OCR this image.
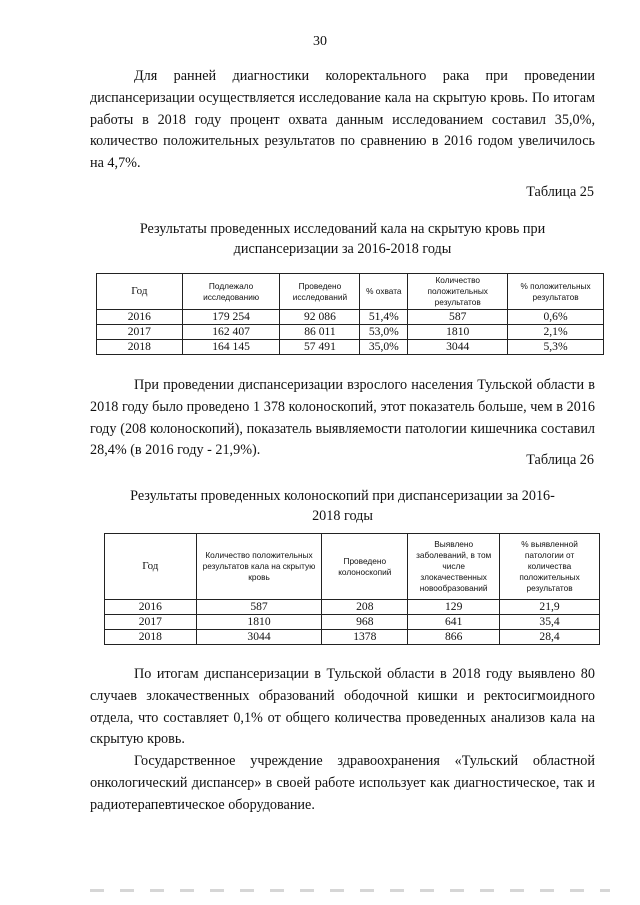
30

Для ранней диагностики колоректального рака при проведении диспансеризации осуществляется исследование кала на скрытую кровь. По итогам работы в 2018 году процент охвата данным исследованием составил 35,0%, количество положительных результатов по сравнению в 2016 годом увеличилось на 4,7%.

Таблица 25
Результаты проведенных исследований кала на скрытую кровь при диспансеризации за 2016-2018 годы
Год	Подлежало исследованию	Проведено исследований	% охвата	Количество положительных результатов	% положительных результатов
2016	179 254	92 086	51,4%	587	0,6%
2017	162 407	86 011	53,0%	1810	2,1%
2018	164 145	57 491	35,0%	3044	5,3%

При проведении диспансеризации взрослого населения Тульской области в 2018 году было проведено 1 378 колоноскопий, этот показатель больше, чем в 2016 году (208 колоноскопий), показатель выявляемости патологии кишечника составил 28,4% (в 2016 году - 21,9%).

Таблица 26
Результаты проведенных колоноскопий при диспансеризации за 2016-2018 годы
Год	Количество положительных результатов кала на скрытую кровь	Проведено колоноскопий	Выявлено заболеваний, в том числе злокачественных новообразований	% выявленной патологии от количества положительных результатов
2016	587	208	129	21,9
2017	1810	968	641	35,4
2018	3044	1378	866	28,4

По итогам диспансеризации в Тульской области в 2018 году выявлено 80 случаев злокачественных образований ободочной кишки и ректосигмоидного отдела, что составляет 0,1% от общего количества проведенных анализов кала на скрытую кровь.

Государственное учреждение здравоохранения «Тульский областной онкологический диспансер» в своей работе использует как диагностическое, так и радиотерапевтическое оборудование.
